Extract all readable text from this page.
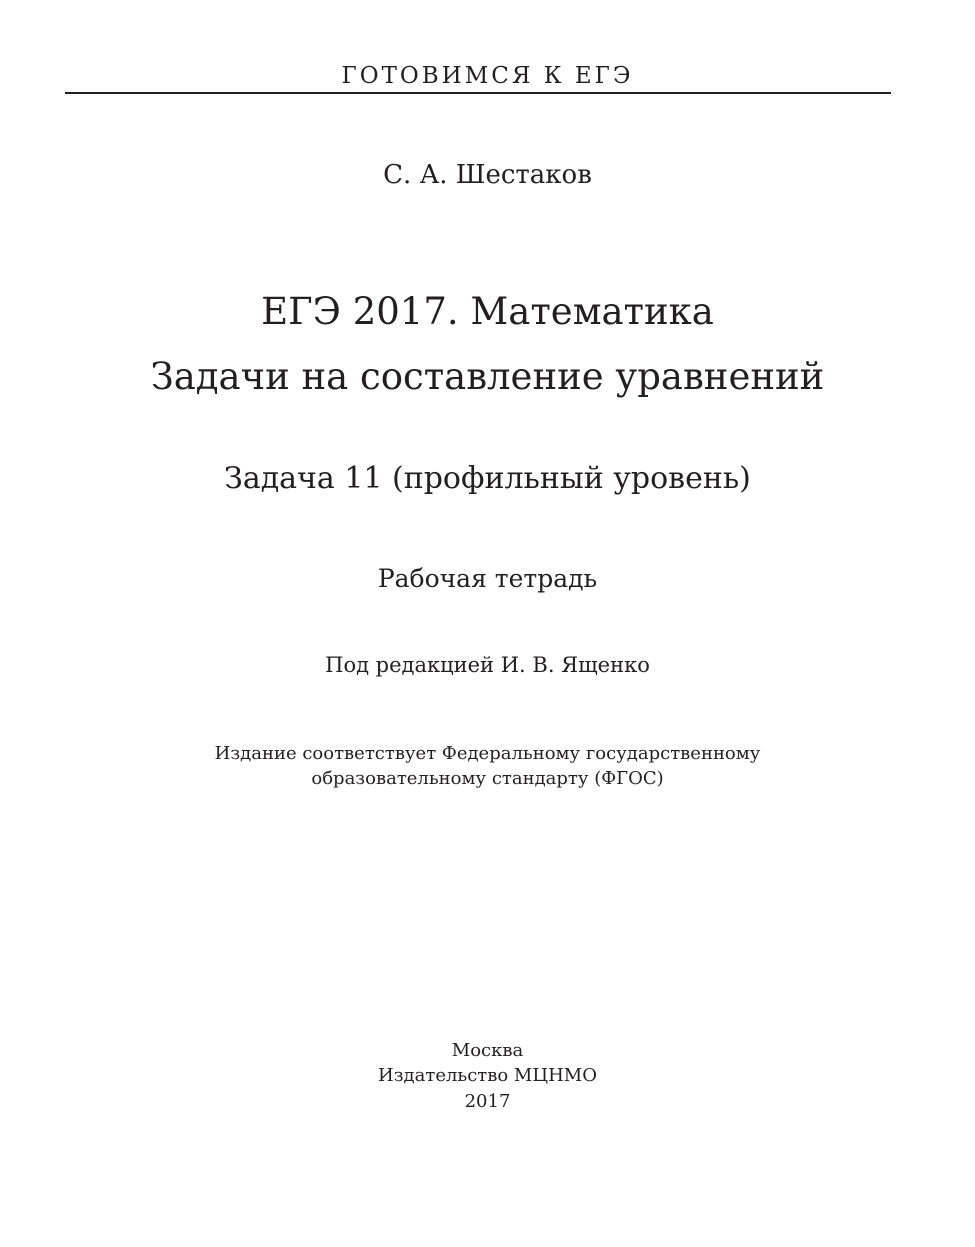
ГОТОВИМСЯ К ЕГЭ
С. А. Шестаков
ЕГЭ 2017. Математика
Задачи на составление уравнений
Задача 11 (профильный уровень)
Рабочая тетрадь
Под редакцией И. В. Ященко
Издание соответствует Федеральному государственному
образовательному стандарту (ФГОС)
Москва
Издательство МЦНМО
2017
